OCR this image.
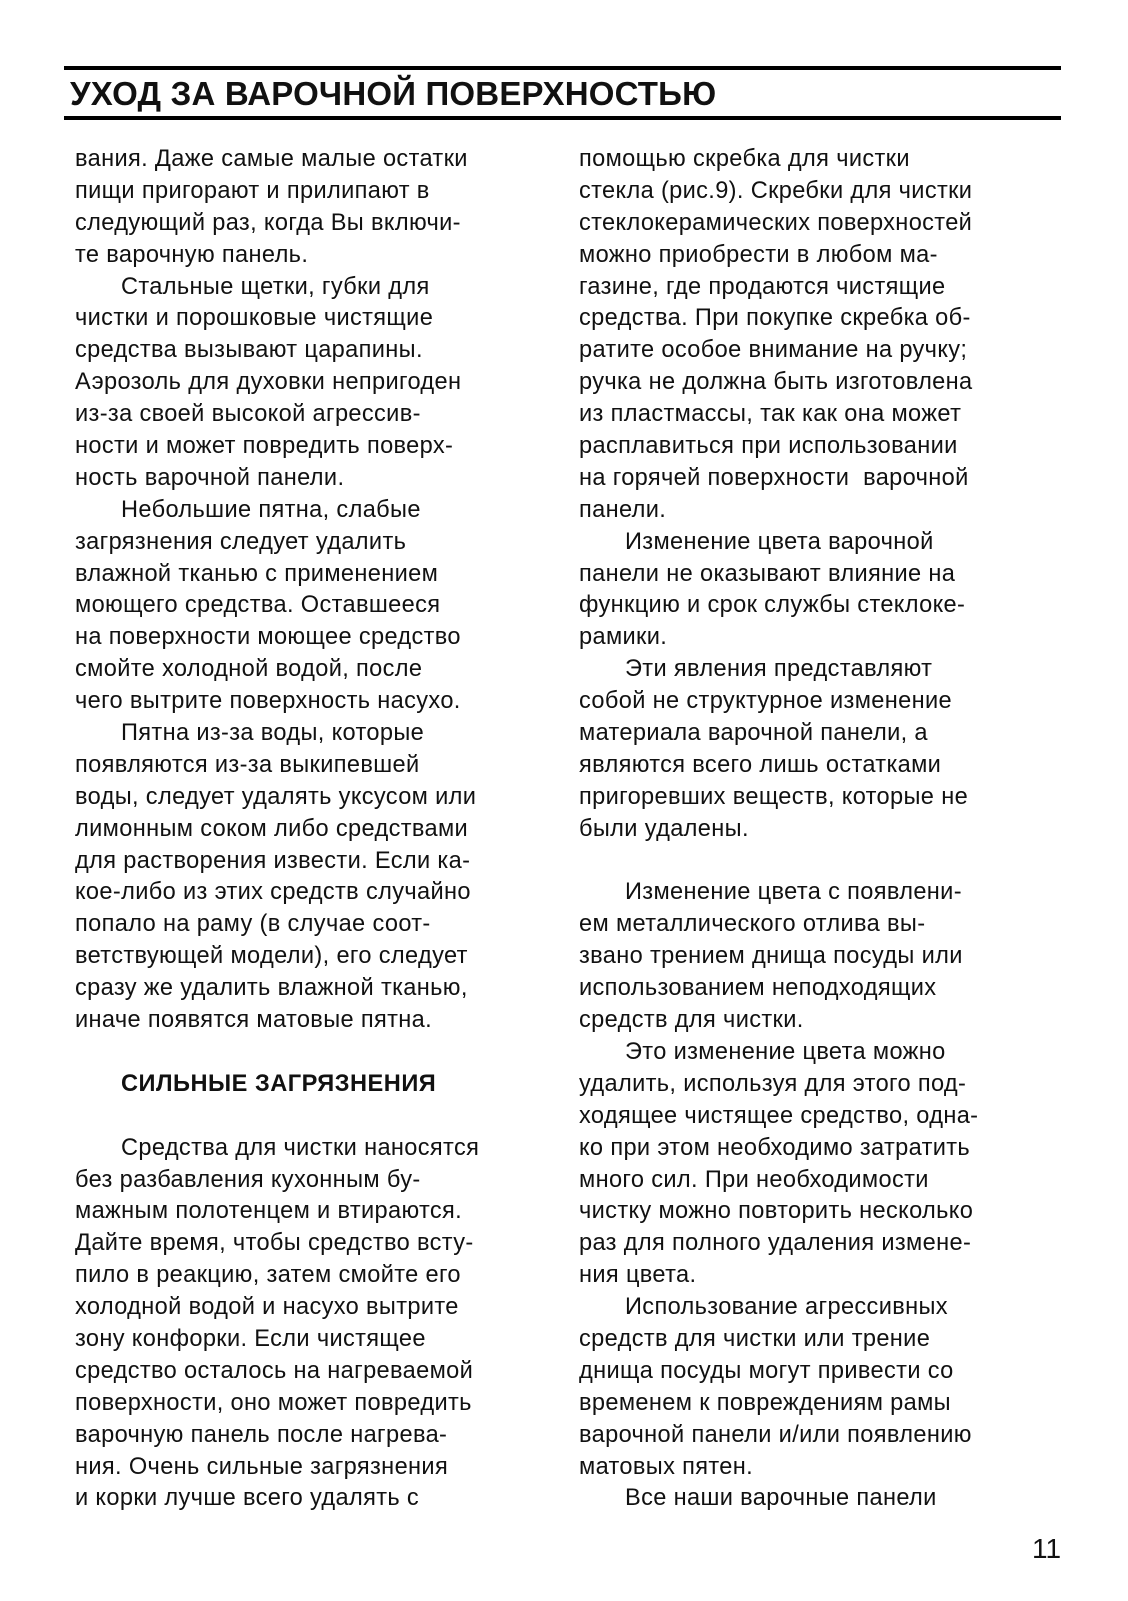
УХОД ЗА ВАРОЧНОЙ ПОВЕРХНОСТЬЮ
вания. Даже самые малые остатки
пищи пригорают и прилипают в
следующий раз, когда Вы включи-
те варочную панель.
Стальные щетки, губки для
чистки и порошковые чистящие
средства вызывают царапины.
Аэрозоль для духовки непригоден
из-за своей высокой агрессив-
ности и может повредить поверх-
ность варочной панели.
Небольшие пятна, слабые
загрязнения следует удалить
влажной тканью с применением
моющего средства. Оставшееся
на поверхности моющее средство
смойте холодной водой, после
чего вытрите поверхность насухо.
Пятна из-за воды, которые
появляются из-за выкипевшей
воды, следует удалять уксусом или
лимонным соком либо средствами
для растворения извести. Если ка-
кое-либо из этих средств случайно
попало на раму (в случае соот-
ветствующей модели), его следует
сразу же удалить влажной тканью,
иначе появятся матовые пятна.
СИЛЬНЫЕ ЗАГРЯЗНЕНИЯ
Средства для чистки наносятся
без разбавления кухонным бу-
мажным полотенцем и втираются.
Дайте время, чтобы средство всту-
пило в реакцию, затем смойте его
холодной водой и насухо вытрите
зону конфорки. Если чистящее
средство осталось на нагреваемой
поверхности, оно может повредить
варочную панель после нагрева-
ния. Очень сильные загрязнения
и корки лучше всего удалять с
помощью скребка для чистки
стекла (рис.9). Скребки для чистки
стеклокерамических поверхностей
можно приобрести в любом ма-
газине, где продаются чистящие
средства. При покупке скребка об-
ратите особое внимание на ручку;
ручка не должна быть изготовлена
из пластмассы, так как она может
расплавиться при использовании
на горячей поверхности  варочной
панели.
Изменение цвета варочной
панели не оказывают влияние на
функцию и срок службы стеклоке-
рамики.
Эти явления представляют
собой не структурное изменение
материала варочной панели, а
являются всего лишь остатками
пригоревших веществ, которые не
были удалены.
Изменение цвета с появлени-
ем металлического отлива вы-
звано трением днища посуды или
использованием неподходящих
средств для чистки.
Это изменение цвета можно
удалить, используя для этого под-
ходящее чистящее средство, одна-
ко при этом необходимо затратить
много сил. При необходимости
чистку можно повторить несколько
раз для полного удаления измене-
ния цвета.
Использование агрессивных
средств для чистки или трение
днища посуды могут привести со
временем к повреждениям рамы
варочной панели и/или появлению
матовых пятен.
Все наши варочные панели
11
